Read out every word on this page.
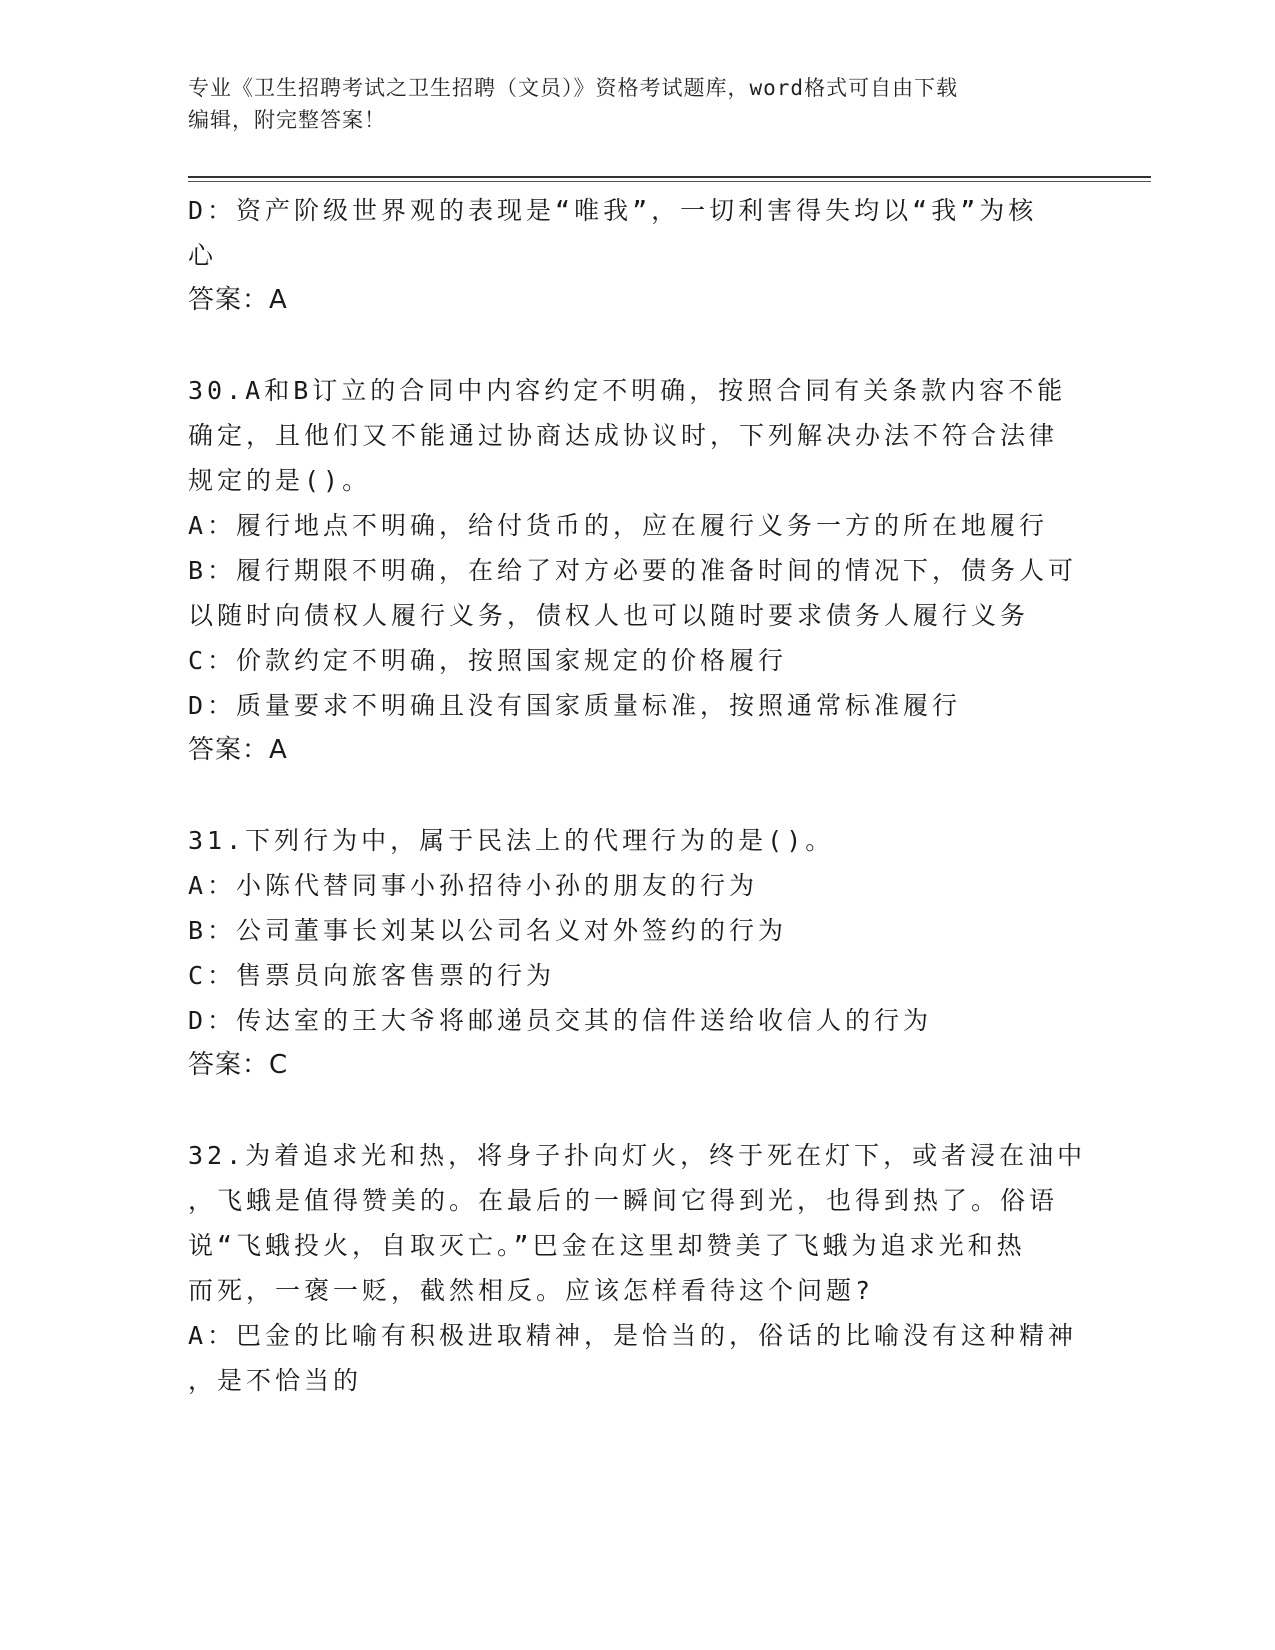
专业《卫生招聘考试之卫生招聘（文员）》资格考试题库，word格式可自由下载
编辑，附完整答案！
D：资产阶级世界观的表现是“唯我”，一切利害得失均以“我”为核
心
答案：A
30.A和B订立的合同中内容约定不明确，按照合同有关条款内容不能
确定，且他们又不能通过协商达成协议时，下列解决办法不符合法律
规定的是()。
A：履行地点不明确，给付货币的，应在履行义务一方的所在地履行
B：履行期限不明确，在给了对方必要的准备时间的情况下，债务人可
以随时向债权人履行义务，债权人也可以随时要求债务人履行义务
C：价款约定不明确，按照国家规定的价格履行
D：质量要求不明确且没有国家质量标准，按照通常标准履行
答案：A
31.下列行为中，属于民法上的代理行为的是()。
A：小陈代替同事小孙招待小孙的朋友的行为
B：公司董事长刘某以公司名义对外签约的行为
C：售票员向旅客售票的行为
D：传达室的王大爷将邮递员交其的信件送给收信人的行为
答案：C
32.为着追求光和热，将身子扑向灯火，终于死在灯下，或者浸在油中
，飞蛾是值得赞美的。在最后的一瞬间它得到光，也得到热了。俗语
说“飞蛾投火，自取灭亡。”巴金在这里却赞美了飞蛾为追求光和热
而死，一褒一贬，截然相反。应该怎样看待这个问题?
A：巴金的比喻有积极进取精神，是恰当的，俗话的比喻没有这种精神
，是不恰当的
